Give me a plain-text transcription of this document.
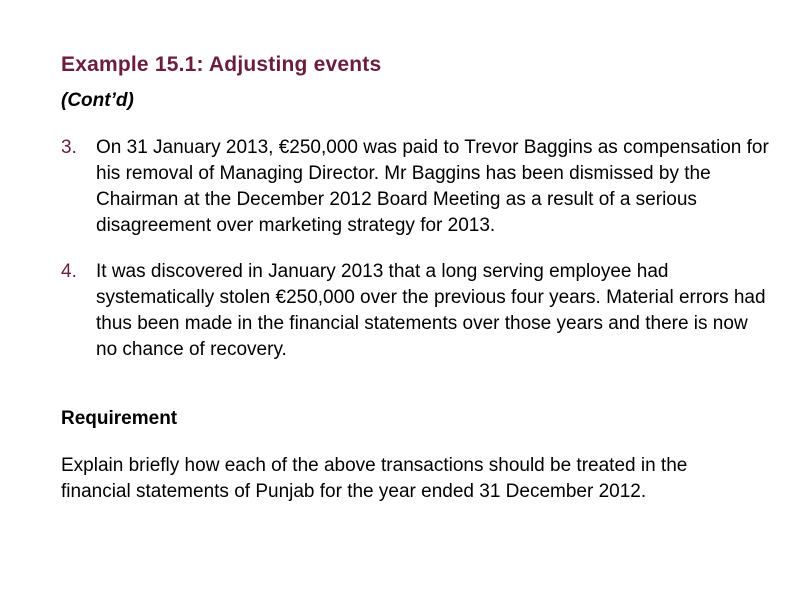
Example 15.1: Adjusting events
(Cont’d)
3. On 31 January 2013, €250,000 was paid to Trevor Baggins as compensation for his removal of Managing Director. Mr Baggins has been dismissed by the Chairman at the December 2012 Board Meeting as a result of a serious disagreement over marketing strategy for 2013.
4. It was discovered in January 2013 that a long serving employee had systematically stolen €250,000 over the previous four years. Material errors had thus been made in the financial statements over those years and there is now no chance of recovery.
Requirement

Explain briefly how each of the above transactions should be treated in the financial statements of Punjab for the year ended 31 December 2012.
